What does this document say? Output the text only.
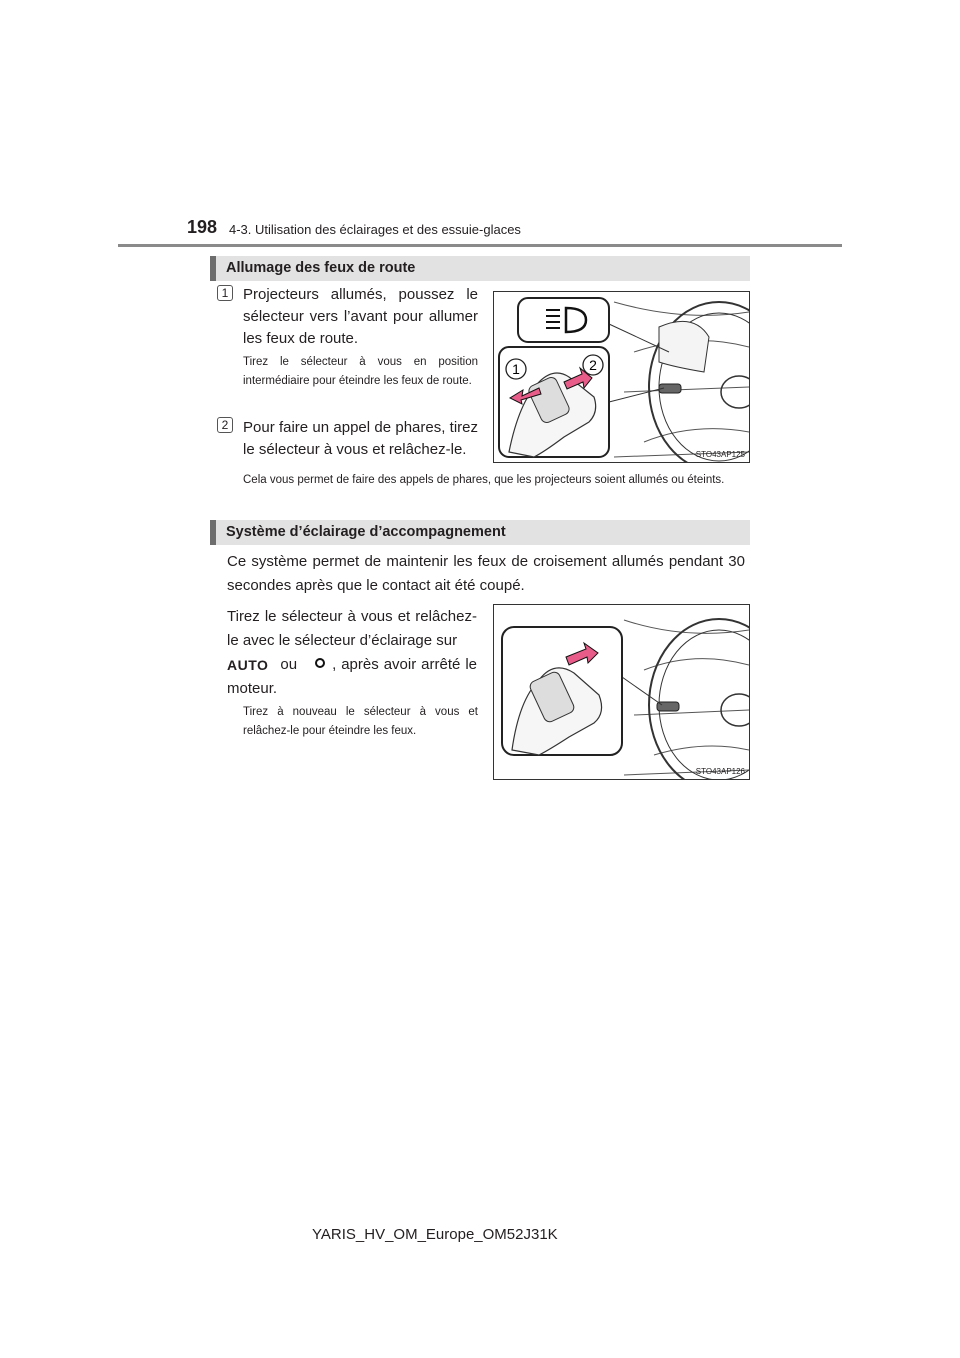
198 4-3. Utilisation des éclairages et des essuie-glaces
Allumage des feux de route
1 Projecteurs allumés, poussez le sélecteur vers l’avant pour allumer les feux de route.
Tirez le sélecteur à vous en position intermédiaire pour éteindre les feux de route.
2 Pour faire un appel de phares, tirez le sélecteur à vous et relâchez-le.
Cela vous permet de faire des appels de phares, que les projecteurs soient allumés ou éteints.
1	2
STO43AP125
Système d’éclairage d’accompagnement
Ce système permet de maintenir les feux de croisement allumés pendant 30 secondes après que le contact ait été coupé.
Tirez le sélecteur à vous et relâchez-le avec le sélecteur d’éclairage sur
AUTO ou , après avoir arrêté le moteur.
Tirez à nouveau le sélecteur à vous et relâchez-le pour éteindre les feux.
STO43AP126
YARIS_HV_OM_Europe_OM52J31K
